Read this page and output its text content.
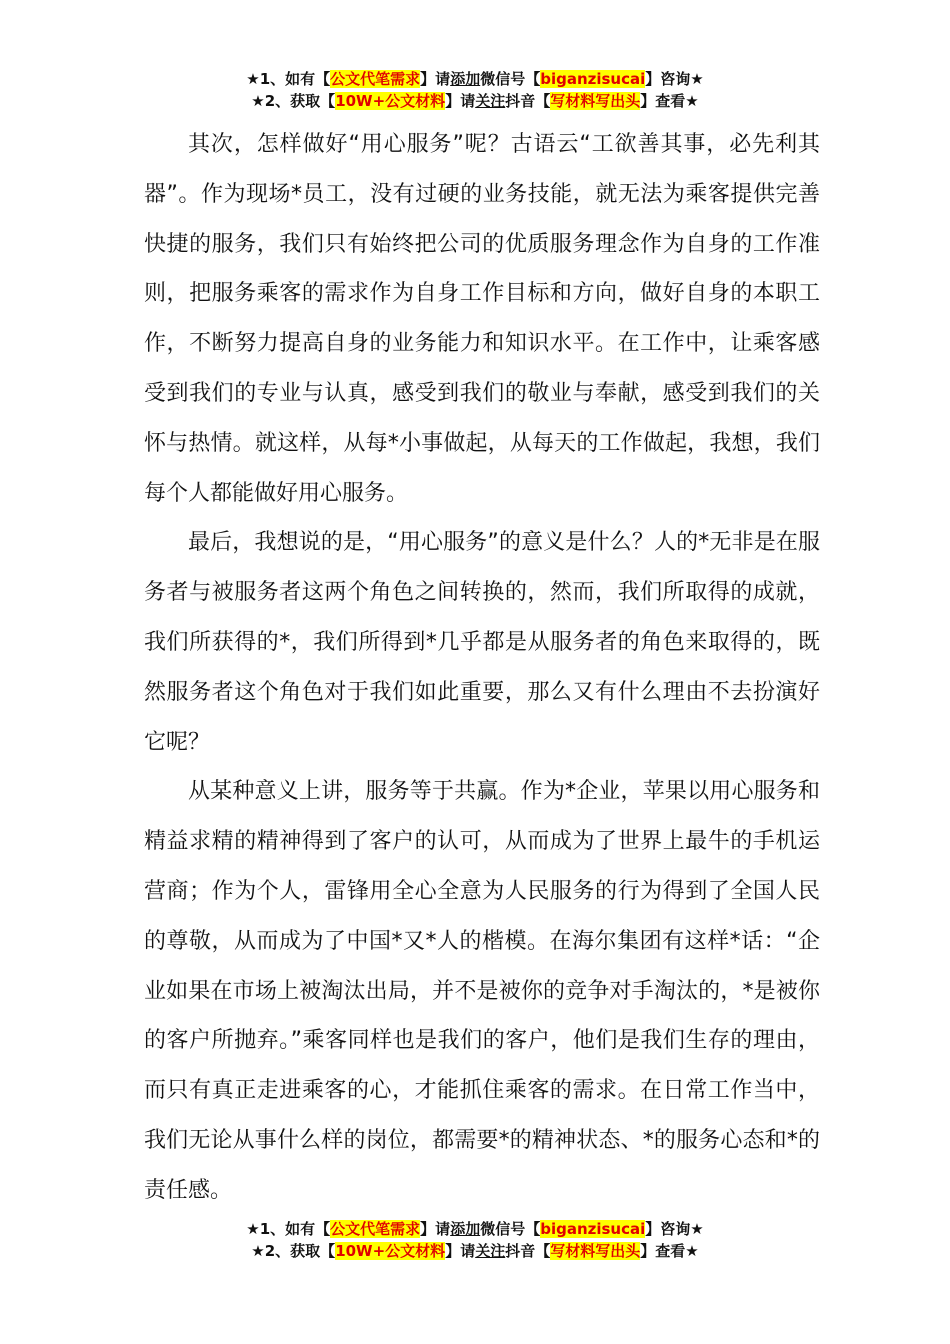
★1、如有【公文代笔需求】请添加微信号【biganzisucai】咨询★
★2、获取【10W+公文材料】请关注抖音【写材料写出头】查看★

其次，怎样做好“用心服务”呢？古语云“工欲善其事，必先利其器”。作为现场*员工，没有过硬的业务技能，就无法为乘客提供完善快捷的服务，我们只有始终把公司的优质服务理念作为自身的工作准则，把服务乘客的需求作为自身工作目标和方向，做好自身的本职工作，不断努力提高自身的业务能力和知识水平。在工作中，让乘客感受到我们的专业与认真，感受到我们的敬业与奉献，感受到我们的关怀与热情。就这样，从每*小事做起，从每天的工作做起，我想，我们每个人都能做好用心服务。

最后，我想说的是，“用心服务”的意义是什么？人的*无非是在服务者与被服务者这两个角色之间转换的，然而，我们所取得的成就，我们所获得的*，我们所得到*几乎都是从服务者的角色来取得的，既然服务者这个角色对于我们如此重要，那么又有什么理由不去扮演好它呢？

从某种意义上讲，服务等于共赢。作为*企业，苹果以用心服务和精益求精的精神得到了客户的认可，从而成为了世界上最牛的手机运营商；作为个人，雷锋用全心全意为人民服务的行为得到了全国人民的尊敬，从而成为了中国*又*人的楷模。在海尔集团有这样*话：“企业如果在市场上被淘汰出局，并不是被你的竞争对手淘汰的，*是被你的客户所抛弃。”乘客同样也是我们的客户，他们是我们生存的理由，而只有真正走进乘客的心，才能抓住乘客的需求。在日常工作当中，我们无论从事什么样的岗位，都需要*的精神状态、*的服务心态和*的责任感。

★1、如有【公文代笔需求】请添加微信号【biganzisucai】咨询★
★2、获取【10W+公文材料】请关注抖音【写材料写出头】查看★
